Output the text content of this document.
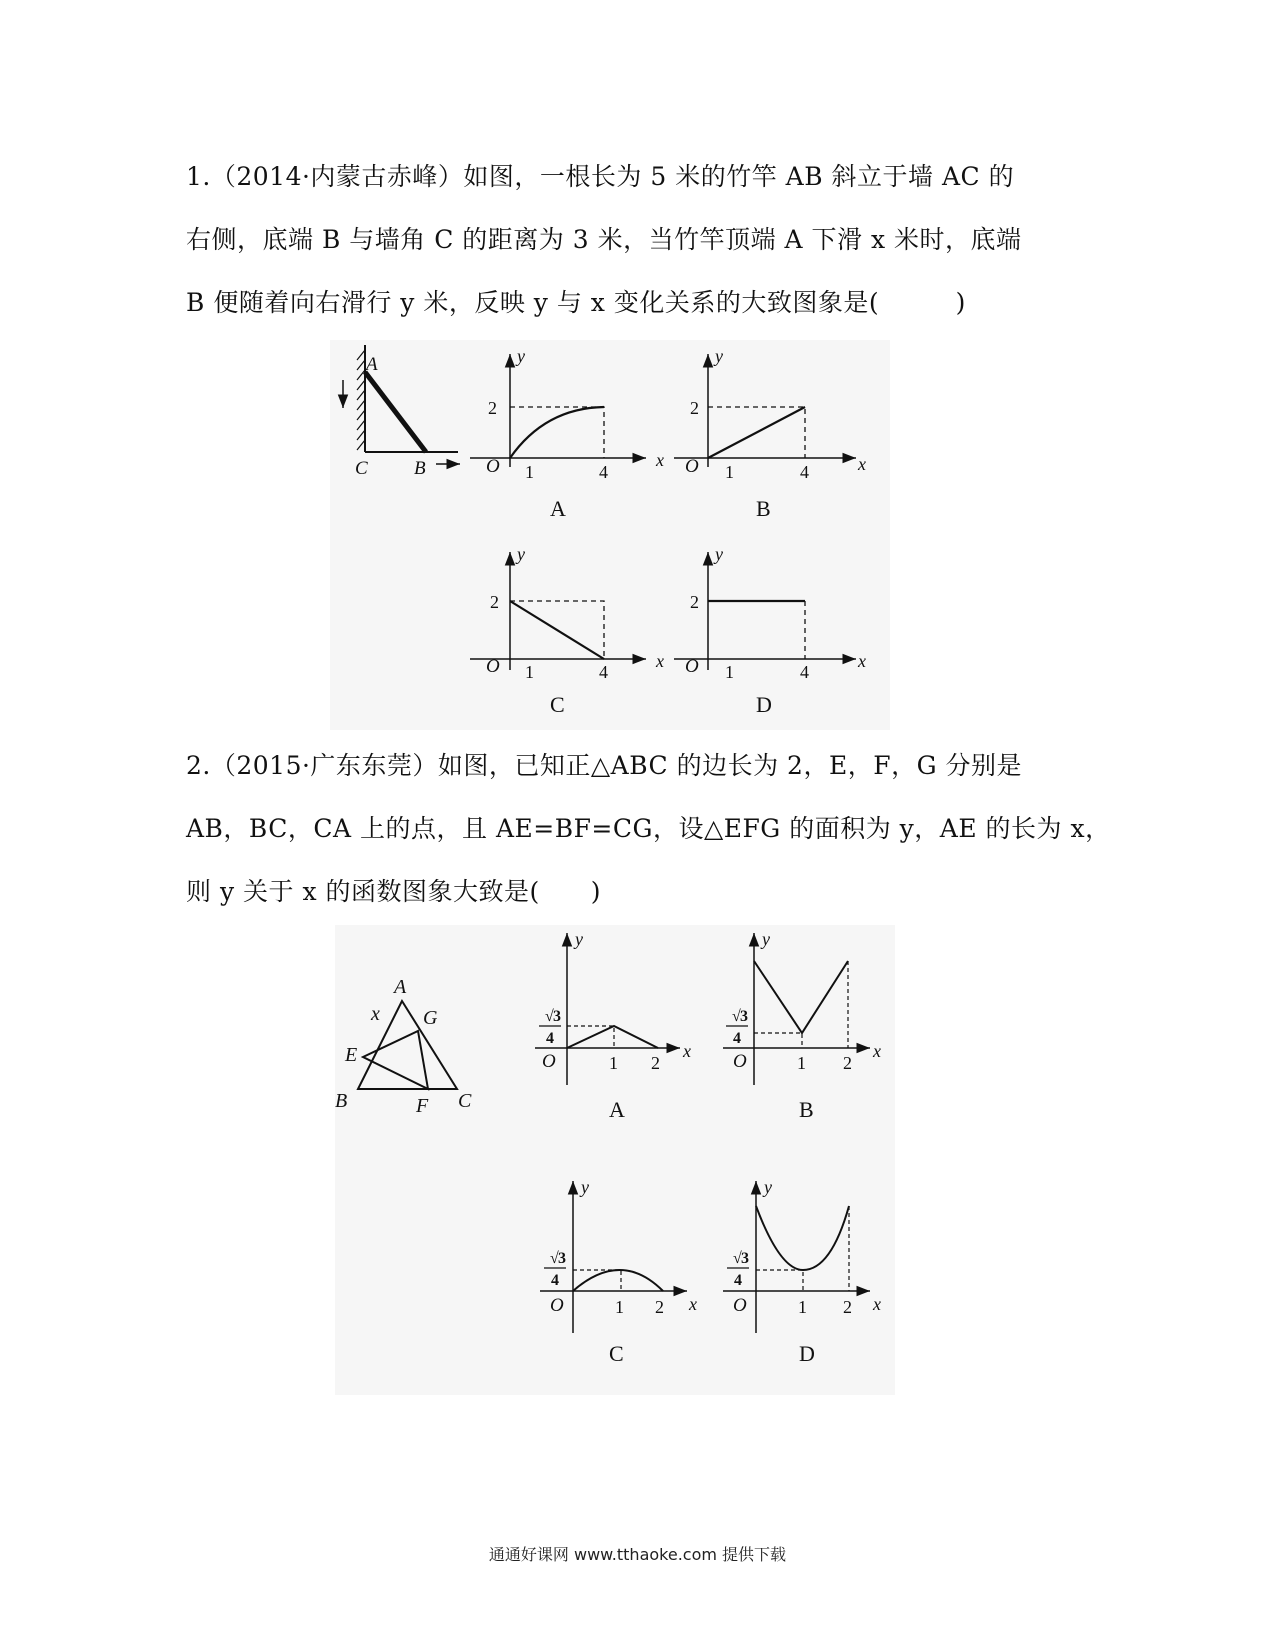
1.（2014·内蒙古赤峰）如图，一根长为 5 米的竹竿 AB 斜立于墙 AC 的
右侧，底端 B 与墙角 C 的距离为 3 米，当竹竿顶端 A 下滑 x 米时，底端
B 便随着向右滑行 y 米，反映 y 与 x 变化关系的大致图象是(　　　)
A
B
C
y
x
O 1	4
2
A
y
x
O 1	4
2
B
y
x
O 1	4
2
C
y
x
O 1	4
2
D
2.（2015·广东东莞）如图，已知正△ABC 的边长为 2，E，F，G 分别是
AB，BC，CA 上的点，且 AE=BF=CG，设△EFG 的面积为 y，AE 的长为 x，
则 y 关于 x 的函数图象大致是(　　)
A
B	C
E
F
G
x
y
x
O	1 2
√ 3
4
A
y
x
O	1 2
√ 3
4
B
y
x
O	1 2
√ 3
4
C
y
x
O	1 2
√ 3
4
D
通通好课网 www.tthaoke.com 提供下载
